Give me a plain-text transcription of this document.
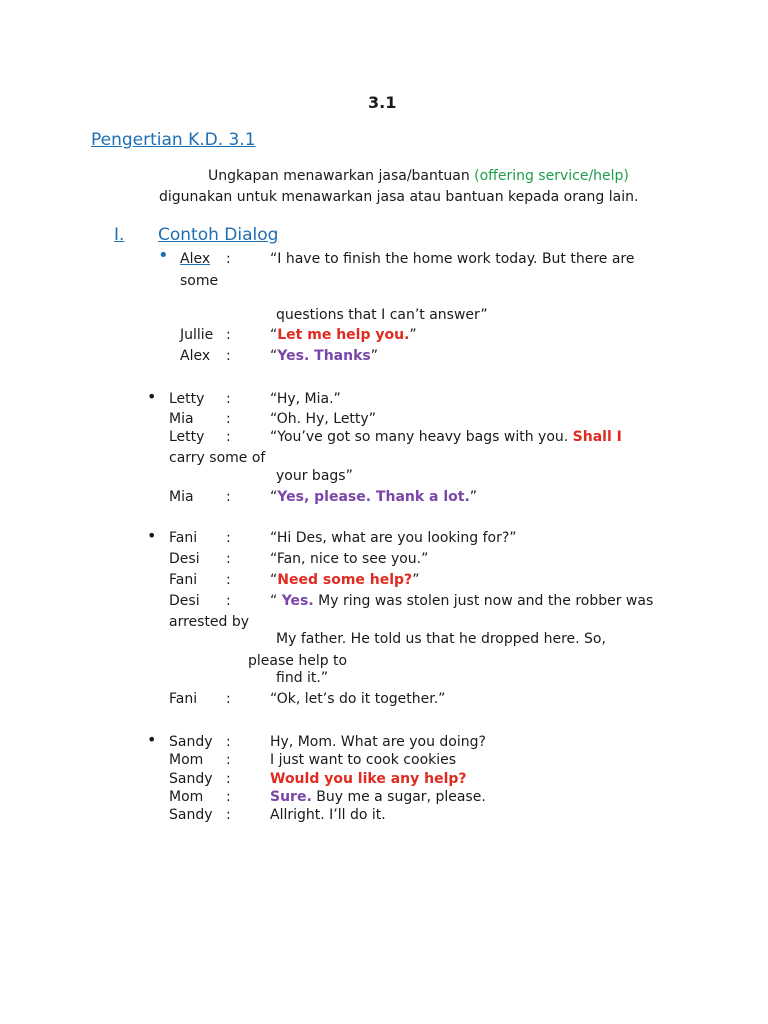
3.1
Pengertian K.D. 3.1
Ungkapan menawarkan jasa/bantuan (offering service/help)
digunakan untuk menawarkan jasa atau bantuan kepada orang lain.
I. Contoh Dialog
• Alex :	“I have to finish the home work today. But there are
some
questions that I can’t answer”
Jullie :	“Let me help you.”
Alex :	“Yes. Thanks”
• Letty :	“Hy, Mia.”
Mia :	“Oh. Hy, Letty”
Letty :	“You’ve got so many heavy bags with you. Shall I
carry some of
your bags”
Mia :	“Yes, please. Thank a lot.”
• Fani :	“Hi Des, what are you looking for?”
Desi :	“Fan, nice to see you.”
Fani :	“Need some help?”
Desi :	“ Yes. My ring was stolen just now and the robber was
arrested by
My father. He told us that he dropped here. So,
please help to
find it.”
Fani :	“Ok, let’s do it together.”
• Sandy :	Hy, Mom. What are you doing?
Mom :	I just want to cook cookies
Sandy :	Would you like any help?
Mom :	Sure. Buy me a sugar, please.
Sandy :	Allright. I’ll do it.
